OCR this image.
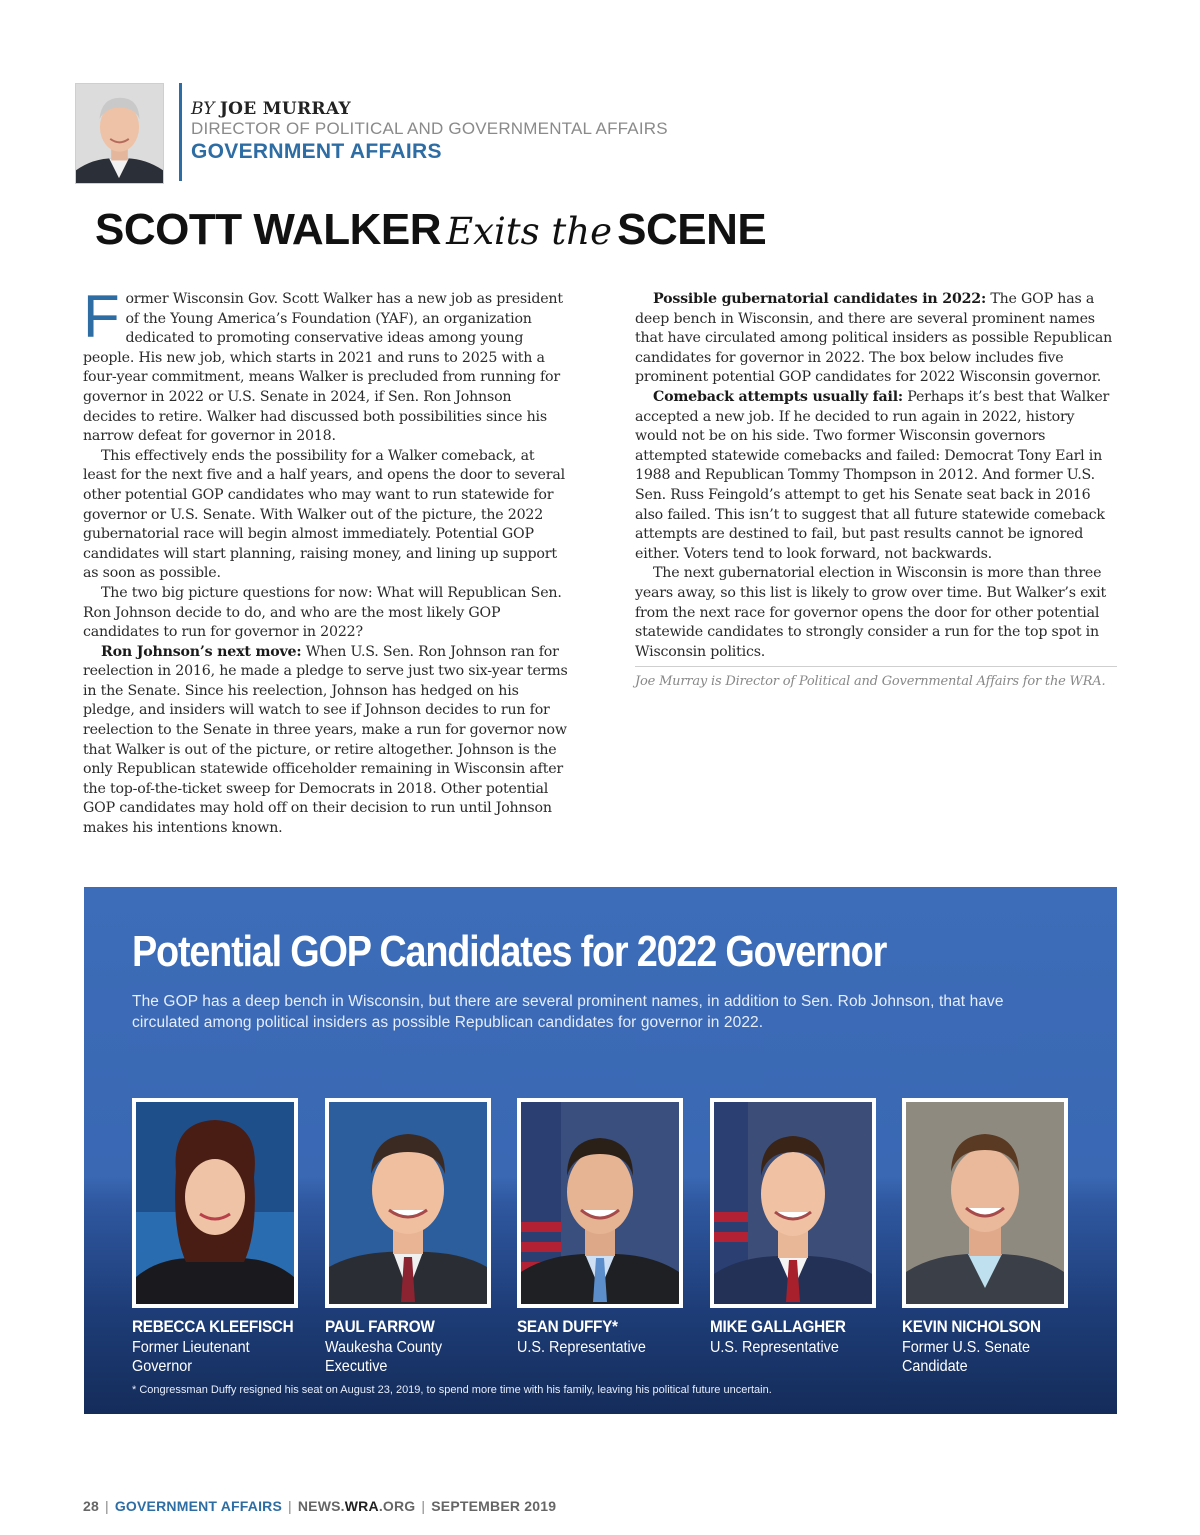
BY JOE MURRAY
DIRECTOR OF POLITICAL AND GOVERNMENTAL AFFAIRS
GOVERNMENT AFFAIRS
SCOTT WALKER Exits the SCENE

Former Wisconsin Gov. Scott Walker has a new job as president of the Young America’s Foundation (YAF), an organization dedicated to promoting conservative ideas among young people. His new job, which starts in 2021 and runs to 2025 with a four-year commitment, means Walker is precluded from running for governor in 2022 or U.S. Senate in 2024, if Sen. Ron Johnson decides to retire. Walker had discussed both possibilities since his narrow defeat for governor in 2018.

This effectively ends the possibility for a Walker comeback, at least for the next five and a half years, and opens the door to several other potential GOP candidates who may want to run statewide for governor or U.S. Senate. With Walker out of the picture, the 2022 gubernatorial race will begin almost immediately. Potential GOP candidates will start planning, raising money, and lining up support as soon as possible.

The two big picture questions for now: What will Republican Sen. Ron Johnson decide to do, and who are the most likely GOP candidates to run for governor in 2022?

Ron Johnson’s next move: When U.S. Sen. Ron Johnson ran for reelection in 2016, he made a pledge to serve just two six-year terms in the Senate. Since his reelection, Johnson has hedged on his pledge, and insiders will watch to see if Johnson decides to run for reelection to the Senate in three years, make a run for governor now that Walker is out of the picture, or retire altogether. Johnson is the only Republican statewide officeholder remaining in Wisconsin after the top-of-the-ticket sweep for Democrats in 2018. Other potential GOP candidates may hold off on their decision to run until Johnson makes his intentions known.

Possible gubernatorial candidates in 2022: The GOP has a deep bench in Wisconsin, and there are several prominent names that have circulated among political insiders as possible Republican candidates for governor in 2022. The box below includes five prominent potential GOP candidates for 2022 Wisconsin governor.

Comeback attempts usually fail: Perhaps it’s best that Walker accepted a new job. If he decided to run again in 2022, history would not be on his side. Two former Wisconsin governors attempted statewide comebacks and failed: Democrat Tony Earl in 1988 and Republican Tommy Thompson in 2012. And former U.S. Sen. Russ Feingold’s attempt to get his Senate seat back in 2016 also failed. This isn’t to suggest that all future statewide comeback attempts are destined to fail, but past results cannot be ignored either. Voters tend to look forward, not backwards.

The next gubernatorial election in Wisconsin is more than three years away, so this list is likely to grow over time. But Walker’s exit from the next race for governor opens the door for other potential statewide candidates to strongly consider a run for the top spot in Wisconsin politics.

Joe Murray is Director of Political and Governmental Affairs for the WRA.

Potential GOP Candidates for 2022 Governor
The GOP has a deep bench in Wisconsin, but there are several prominent names, in addition to Sen. Rob Johnson, that have circulated among political insiders as possible Republican candidates for governor in 2022.
REBECCA KLEEFISCH
Former Lieutenant Governor
PAUL FARROW
Waukesha County Executive
SEAN DUFFY*
U.S. Representative
MIKE GALLAGHER
U.S. Representative
KEVIN NICHOLSON
Former U.S. Senate Candidate
* Congressman Duffy resigned his seat on August 23, 2019, to spend more time with his family, leaving his political future uncertain.
28 | GOVERNMENT AFFAIRS | NEWS.WRA.ORG | SEPTEMBER 2019
